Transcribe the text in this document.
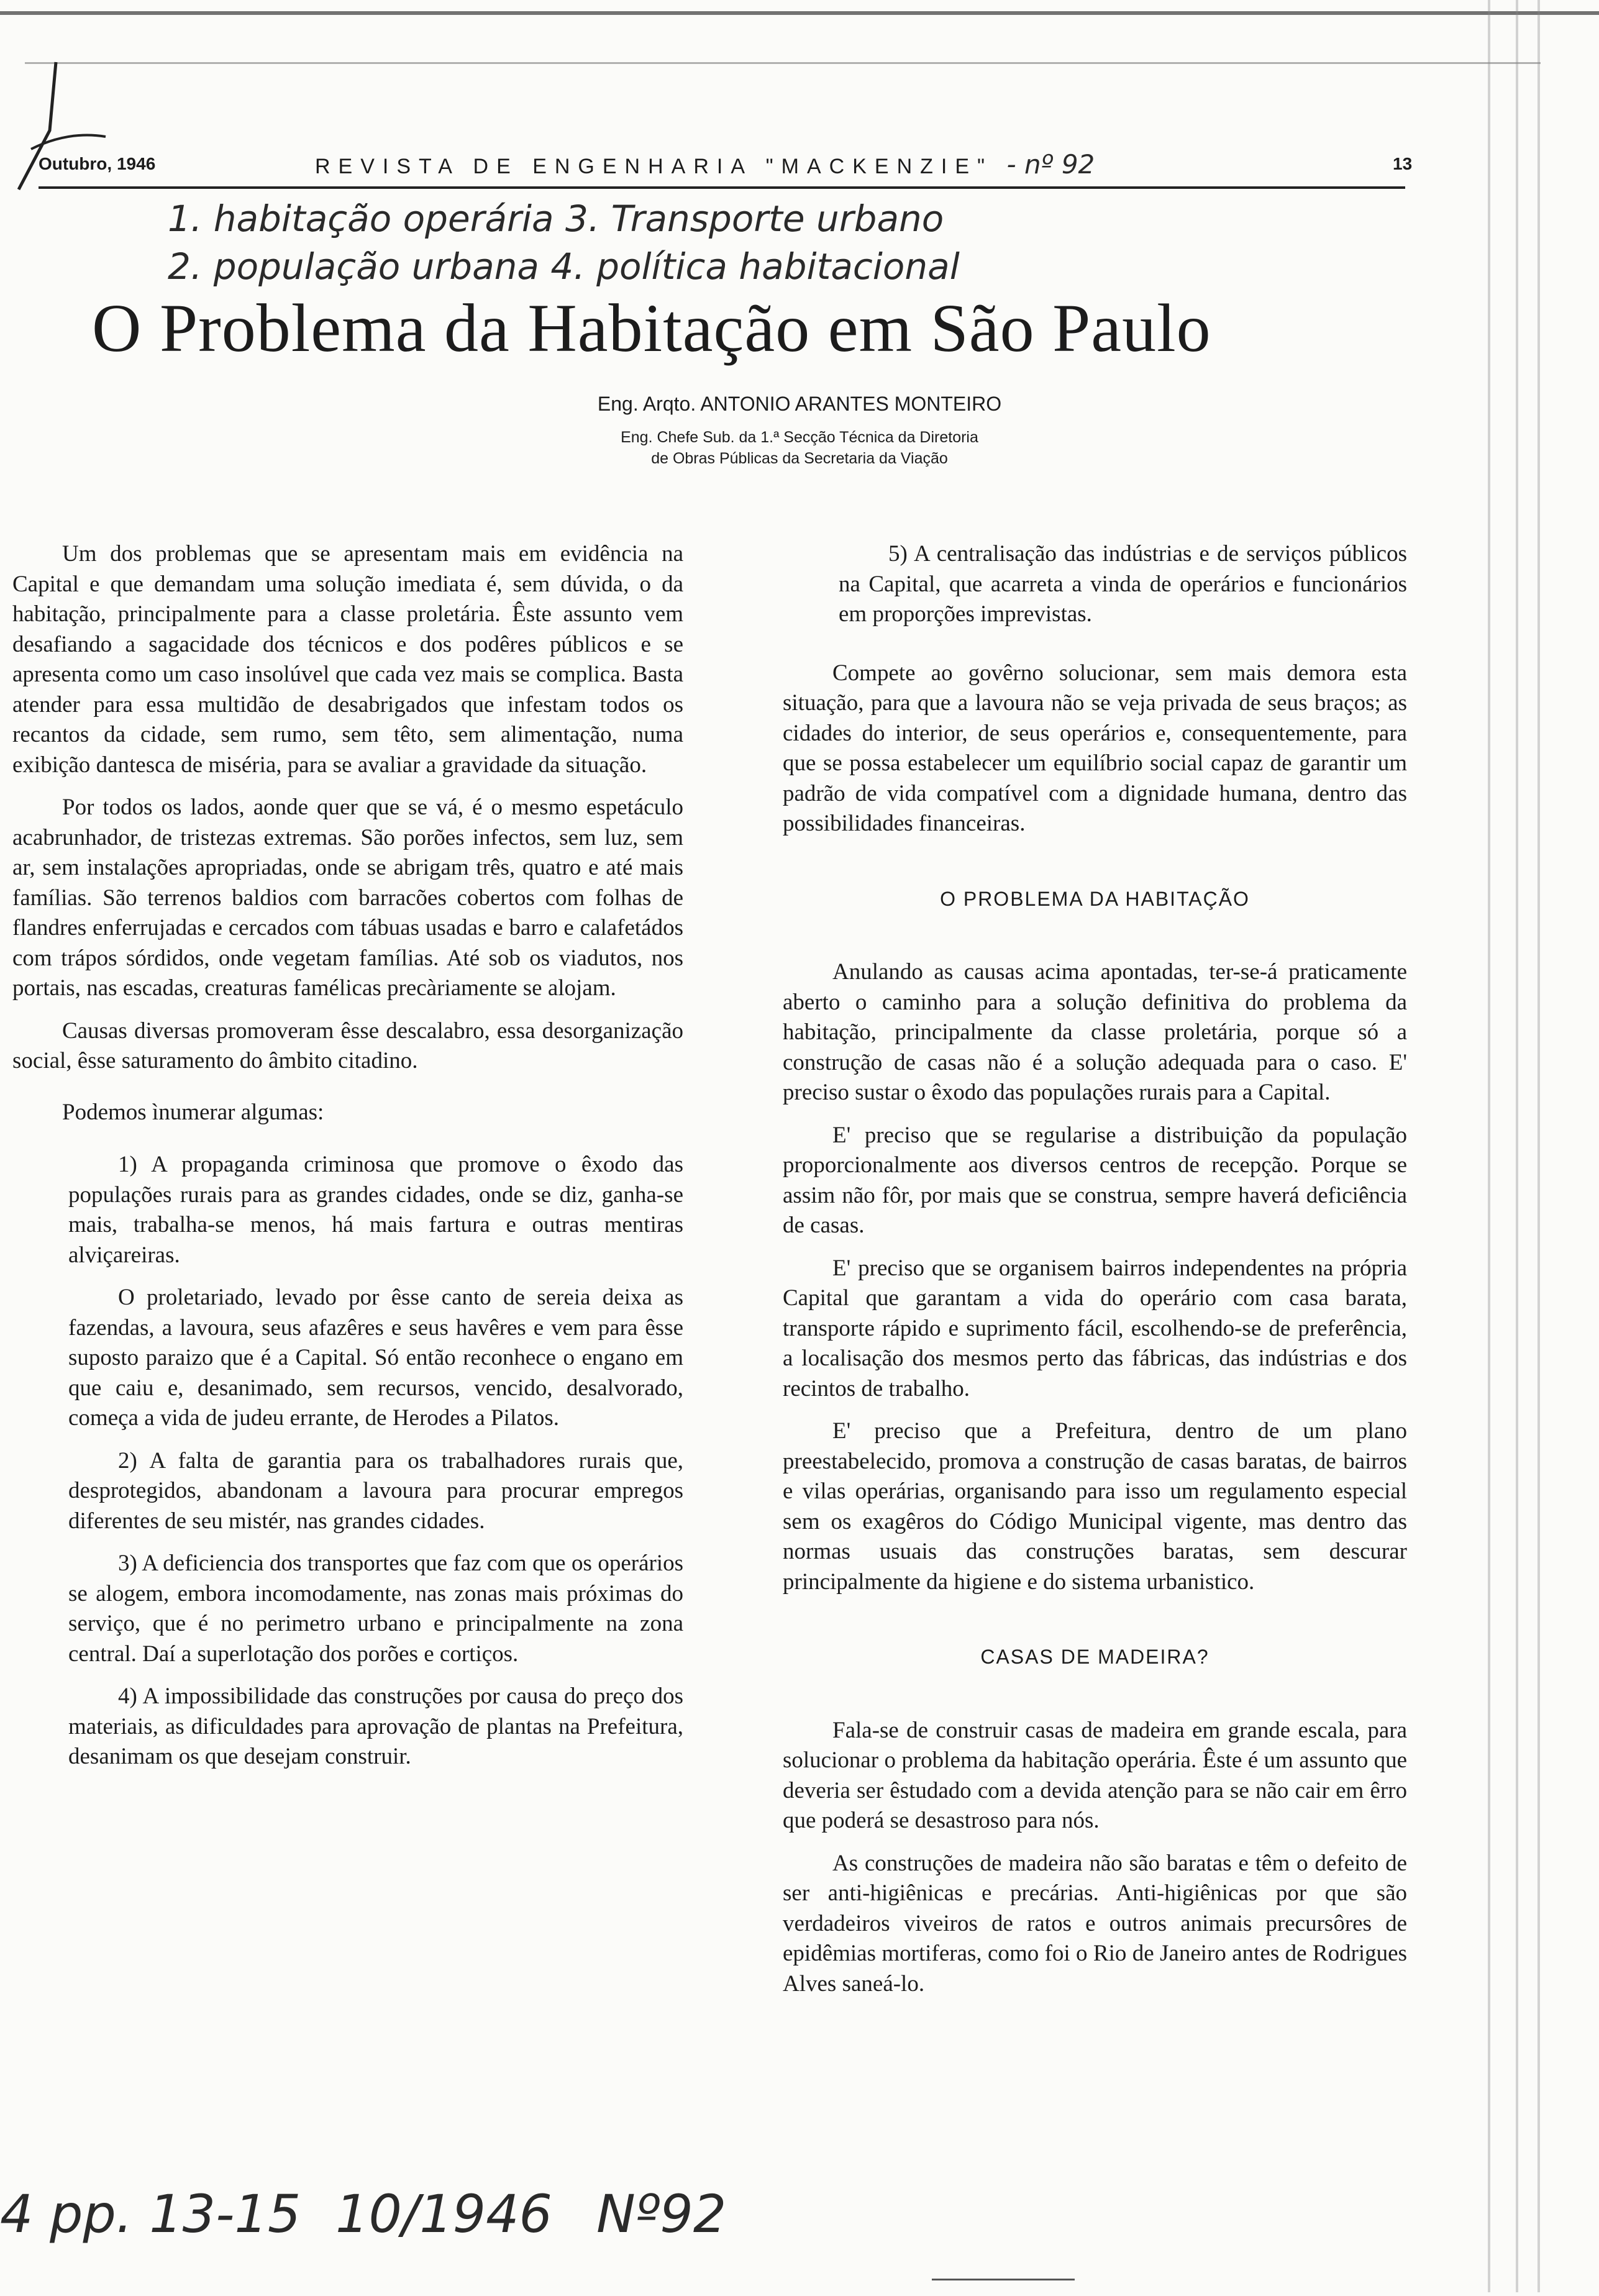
Outubro, 1946	REVISTA DE ENGENHARIA "MACKENZIE" - nº 92	13
1. habitação operária 3. Transporte urbano
2. população urbana 4. política habitacional
O Problema da Habitação em São Paulo
Eng. Arqto. ANTONIO ARANTES MONTEIRO
Eng. Chefe Sub. da 1.ª Secção Técnica da Diretoria
de Obras Públicas da Secretaria da Viação

Um dos problemas que se apresentam mais em evidência na Capital e que demandam uma solução imediata é, sem dúvida, o da habitação, principalmente para a classe proletária. Êste assunto vem desafiando a sagacidade dos técnicos e dos podêres públicos e se apresenta como um caso insolúvel que cada vez mais se complica. Basta atender para essa multidão de desabrigados que infestam todos os recantos da cidade, sem rumo, sem têto, sem alimentação, numa exibição dantesca de miséria, para se avaliar a gravidade da situação.

Por todos os lados, aonde quer que se vá, é o mesmo espetáculo acabrunhador, de tristezas extremas. São porões infectos, sem luz, sem ar, sem instalações apropriadas, onde se abrigam três, quatro e até mais famílias. São terrenos baldios com barracões cobertos com folhas de flandres enferrujadas e cercados com tábuas usadas e barro e calafetádos com trápos sórdidos, onde vegetam famílias. Até sob os viadutos, nos portais, nas escadas, creaturas famélicas precàriamente se alojam.

Causas diversas promoveram êsse descalabro, essa desorganização social, êsse saturamento do âmbito citadino.

Podemos ìnumerar algumas:

1) A propaganda criminosa que promove o êxodo das populações rurais para as grandes cidades, onde se diz, ganha-se mais, trabalha-se menos, há mais fartura e outras mentiras alviçareiras.

O proletariado, levado por êsse canto de sereia deixa as fazendas, a lavoura, seus afazêres e seus havêres e vem para êsse suposto paraizo que é a Capital. Só então reconhece o engano em que caiu e, desanimado, sem recursos, vencido, desalvorado, começa a vida de judeu errante, de Herodes a Pilatos.

2) A falta de garantia para os trabalhadores rurais que, desprotegidos, abandonam a lavoura para procurar empregos diferentes de seu mistér, nas grandes cidades.

3) A deficiencia dos transportes que faz com que os operários se alogem, embora incomodamente, nas zonas mais próximas do serviço, que é no perimetro urbano e principalmente na zona central. Daí a superlotação dos porões e cortiços.

4) A impossibilidade das construções por causa do preço dos materiais, as dificuldades para aprovação de plantas na Prefeitura, desanimam os que desejam construir.

5) A centralisação das indústrias e de serviços públicos na Capital, que acarreta a vinda de operários e funcionários em proporções imprevistas.

Compete ao govêrno solucionar, sem mais demora esta situação, para que a lavoura não se veja privada de seus braços; as cidades do interior, de seus operários e, consequentemente, para que se possa estabelecer um equilíbrio social capaz de garantir um padrão de vida compatível com a dignidade humana, dentro das possibilidades financeiras.

O PROBLEMA DA HABITAÇÃO

Anulando as causas acima apontadas, ter-se-á praticamente aberto o caminho para a solução definitiva do problema da habitação, principalmente da classe proletária, porque só a construção de casas não é a solução adequada para o caso. E' preciso sustar o êxodo das populações rurais para a Capital.

E' preciso que se regularise a distribuição da população proporcionalmente aos diversos centros de recepção. Porque se assim não fôr, por mais que se construa, sempre haverá deficiência de casas.

E' preciso que se organisem bairros independentes na própria Capital que garantam a vida do operário com casa barata, transporte rápido e suprimento fácil, escolhendo-se de preferência, a localisação dos mesmos perto das fábricas, das indústrias e dos recintos de trabalho.

E' preciso que a Prefeitura, dentro de um plano preestabelecido, promova a construção de casas baratas, de bairros e vilas operárias, organisando para isso um regulamento especial sem os exagêros do Código Municipal vigente, mas dentro das normas usuais das construções baratas, sem descurar principalmente da higiene e do sistema urbanistico.

CASAS DE MADEIRA?

Fala-se de construir casas de madeira em grande escala, para solucionar o problema da habitação operária. Êste é um assunto que deveria ser êstudado com a devida atenção para se não cair em êrro que poderá se desastroso para nós.

As construções de madeira não são baratas e têm o defeito de ser anti-higiênicas e precárias. Anti-higiênicas por que são verdadeiros viveiros de ratos e outros animais precursôres de epidêmias mortiferas, como foi o Rio de Janeiro antes de Rodrigues Alves saneá-lo.

4 pp. 13-15 10/1946 Nº92
